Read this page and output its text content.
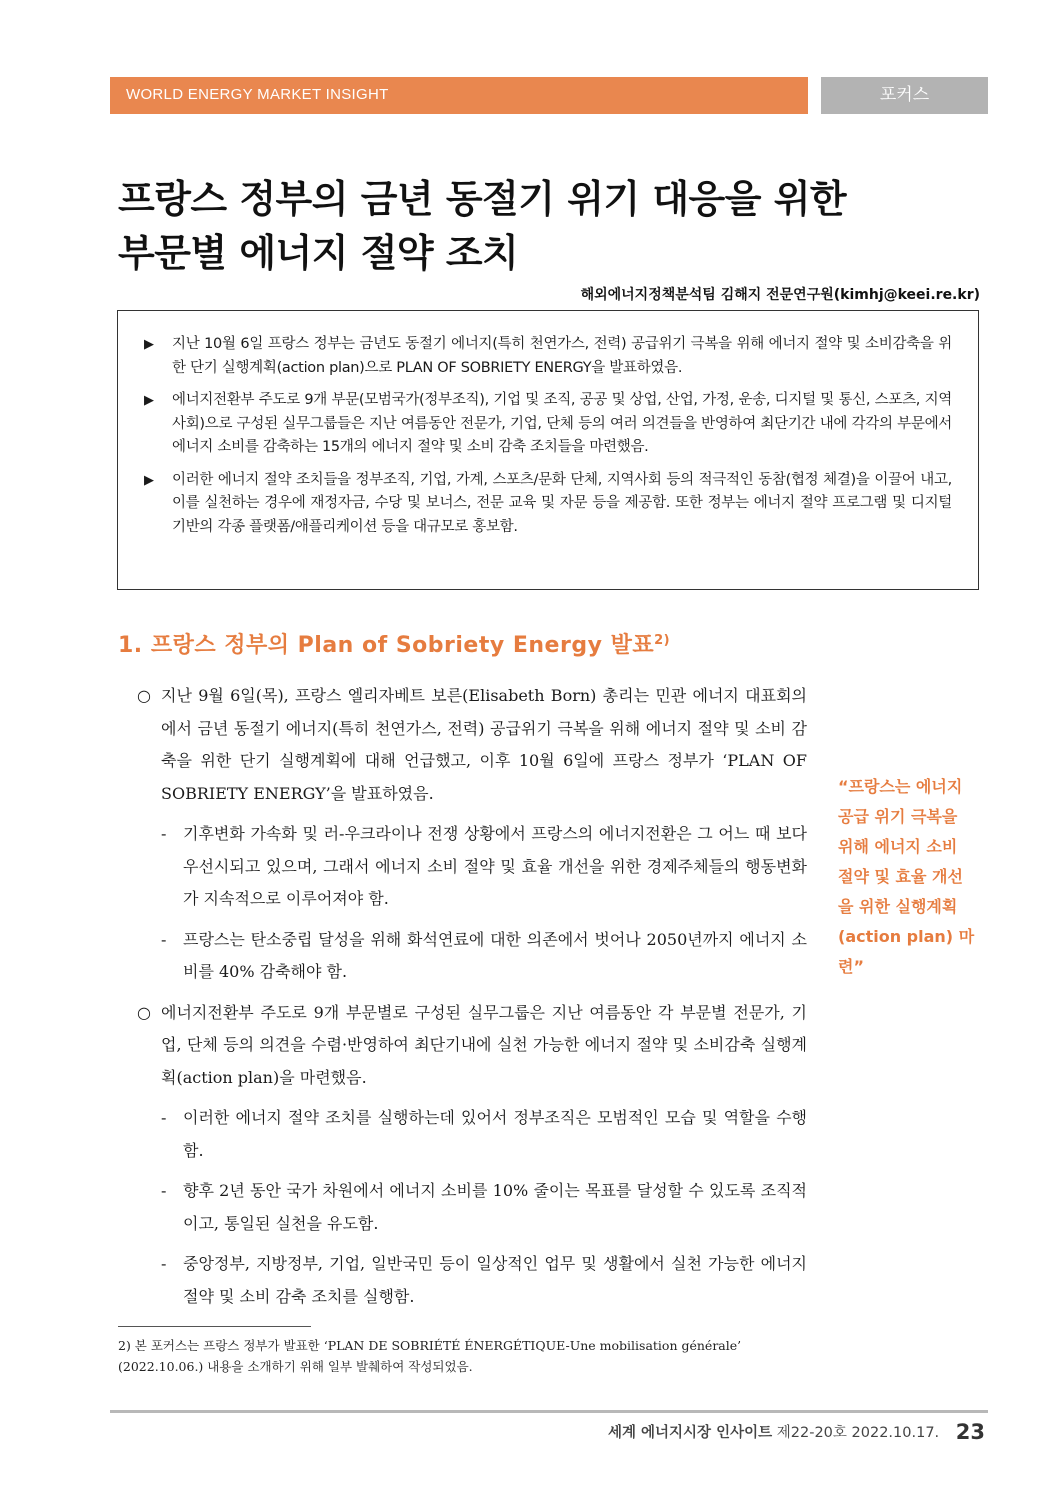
WORLD ENERGY MARKET INSIGHT	포커스
프랑스 정부의 금년 동절기 위기 대응을 위한
부문별 에너지 절약 조치
해외에너지정책분석팀 김해지 전문연구원(kimhj@keei.re.kr)
▶ 지난 10월 6일 프랑스 정부는 금년도 동절기 에너지(특히 천연가스, 전력) 공급위기 극복을 위해 에너지 절약 및 소비감축을 위한 단기 실행계획(action plan)으로 PLAN OF SOBRIETY ENERGY을 발표하였음.
▶ 에너지전환부 주도로 9개 부문(모범국가(정부조직), 기업 및 조직, 공공 및 상업, 산업, 가정, 운송, 디지털 및 통신, 스포츠, 지역사회)으로 구성된 실무그룹들은 지난 여름동안 전문가, 기업, 단체 등의 여러 의견들을 반영하여 최단기간 내에 각각의 부문에서 에너지 소비를 감축하는 15개의 에너지 절약 및 소비 감축 조치들을 마련했음.
▶ 이러한 에너지 절약 조치들을 정부조직, 기업, 가계, 스포츠/문화 단체, 지역사회 등의 적극적인 동참(협정 체결)을 이끌어 내고, 이를 실천하는 경우에 재정자금, 수당 및 보너스, 전문 교육 및 자문 등을 제공함. 또한 정부는 에너지 절약 프로그램 및 디지털 기반의 각종 플랫폼/애플리케이션 등을 대규모로 홍보함.
1. 프랑스 정부의 Plan of Sobriety Energy 발표$^{2)}$
○ 지난 9월 6일(목), 프랑스 엘리자베트 보른(Elisabeth Born) 총리는 민관 에너지 대표회의에서 금년 동절기 에너지(특히 천연가스, 전력) 공급위기 극복을 위해 에너지 절약 및 소비 감축을 위한 단기 실행계획에 대해 언급했고, 이후 10월 6일에 프랑스 정부가 ‘PLAN OF SOBRIETY ENERGY’을 발표하였음.
- 기후변화 가속화 및 러-우크라이나 전쟁 상황에서 프랑스의 에너지전환은 그 어느 때 보다 우선시되고 있으며, 그래서 에너지 소비 절약 및 효율 개선을 위한 경제주체들의 행동변화가 지속적으로 이루어져야 함.
- 프랑스는 탄소중립 달성을 위해 화석연료에 대한 의존에서 벗어나 2050년까지 에너지 소비를 40% 감축해야 함.
○ 에너지전환부 주도로 9개 부문별로 구성된 실무그룹은 지난 여름동안 각 부문별 전문가, 기업, 단체 등의 의견을 수렴·반영하여 최단기내에 실천 가능한 에너지 절약 및 소비감축 실행계획(action plan)을 마련했음.
- 이러한 에너지 절약 조치를 실행하는데 있어서 정부조직은 모범적인 모습 및 역할을 수행함.
- 향후 2년 동안 국가 차원에서 에너지 소비를 10% 줄이는 목표를 달성할 수 있도록 조직적이고, 통일된 실천을 유도함.
- 중앙정부, 지방정부, 기업, 일반국민 등이 일상적인 업무 및 생활에서 실천 가능한 에너지 절약 및 소비 감축 조치를 실행함.
“프랑스는 에너지 공급 위기 극복을 위해 에너지 소비 절약 및 효율 개선을 위한 실행계획(action plan) 마련”
2) 본 포커스는 프랑스 정부가 발표한 ‘PLAN DE SOBRIÉTÉ ÉNERGÉTIQUE-Une mobilisation générale’ (2022.10.06.) 내용을 소개하기 위해 일부 발췌하여 작성되었음.
세계 에너지시장 인사이트 제22-20호 2022.10.17. 23
